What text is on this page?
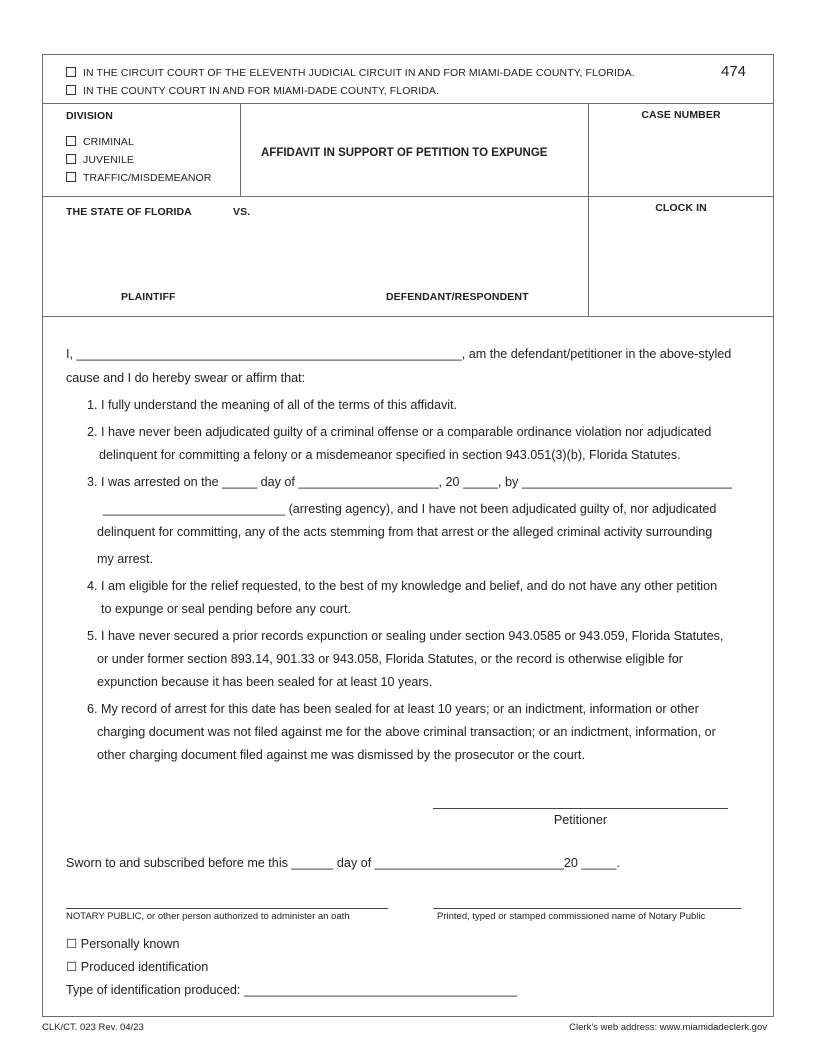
IN THE CIRCUIT COURT OF THE ELEVENTH JUDICIAL CIRCUIT IN AND FOR MIAMI-DADE COUNTY, FLORIDA.
IN THE COUNTY COURT IN AND FOR MIAMI-DADE COUNTY, FLORIDA.
474
DIVISION
CRIMINAL
JUVENILE
TRAFFIC/MISDEMEANOR
AFFIDAVIT IN SUPPORT OF PETITION TO EXPUNGE
CASE NUMBER
CLOCK IN
THE STATE OF FLORIDA	VS.
PLAINTIFF	DEFENDANT/RESPONDENT
I, _______________________________________________________, am the defendant/petitioner in the above-styled
cause and I do hereby swear or affirm that:
1. I fully understand the meaning of all of the terms of this affidavit.
2. I have never been adjudicated guilty of a criminal offense or a comparable ordinance violation nor adjudicated
delinquent for committing a felony or a misdemeanor specified in section 943.051(3)(b), Florida Statutes.
3. I was arrested on the _____ day of ____________________, 20 _____, by ______________________________
__________________________ (arresting agency), and I have not been adjudicated guilty of, nor adjudicated
delinquent for committing, any of the acts stemming from that arrest or the alleged criminal activity surrounding
my arrest.
4. I am eligible for the relief requested, to the best of my knowledge and belief, and do not have any other petition
to expunge or seal pending before any court.
5. I have never secured a prior records expunction or sealing under section 943.0585 or 943.059, Florida Statutes,
or under former section 893.14, 901.33 or 943.058, Florida Statutes, or the record is otherwise eligible for
expunction because it has been sealed for at least 10 years.
6. My record of arrest for this date has been sealed for at least 10 years; or an indictment, information or other
charging document was not filed against me for the above criminal transaction; or an indictment, information, or
other charging document filed against me was dismissed by the prosecutor or the court.
Petitioner
Sworn to and subscribed before me this ______ day of ___________________________20 _____.
NOTARY PUBLIC, or other person authorized to administer an oath	Printed, typed or stamped commissioned name of Notary Public
☐ Personally known
☐ Produced identification
Type of identification produced: _______________________________________
CLK/CT. 023 Rev. 04/23	Clerk’s web address: www.miamidadeclerk.gov
